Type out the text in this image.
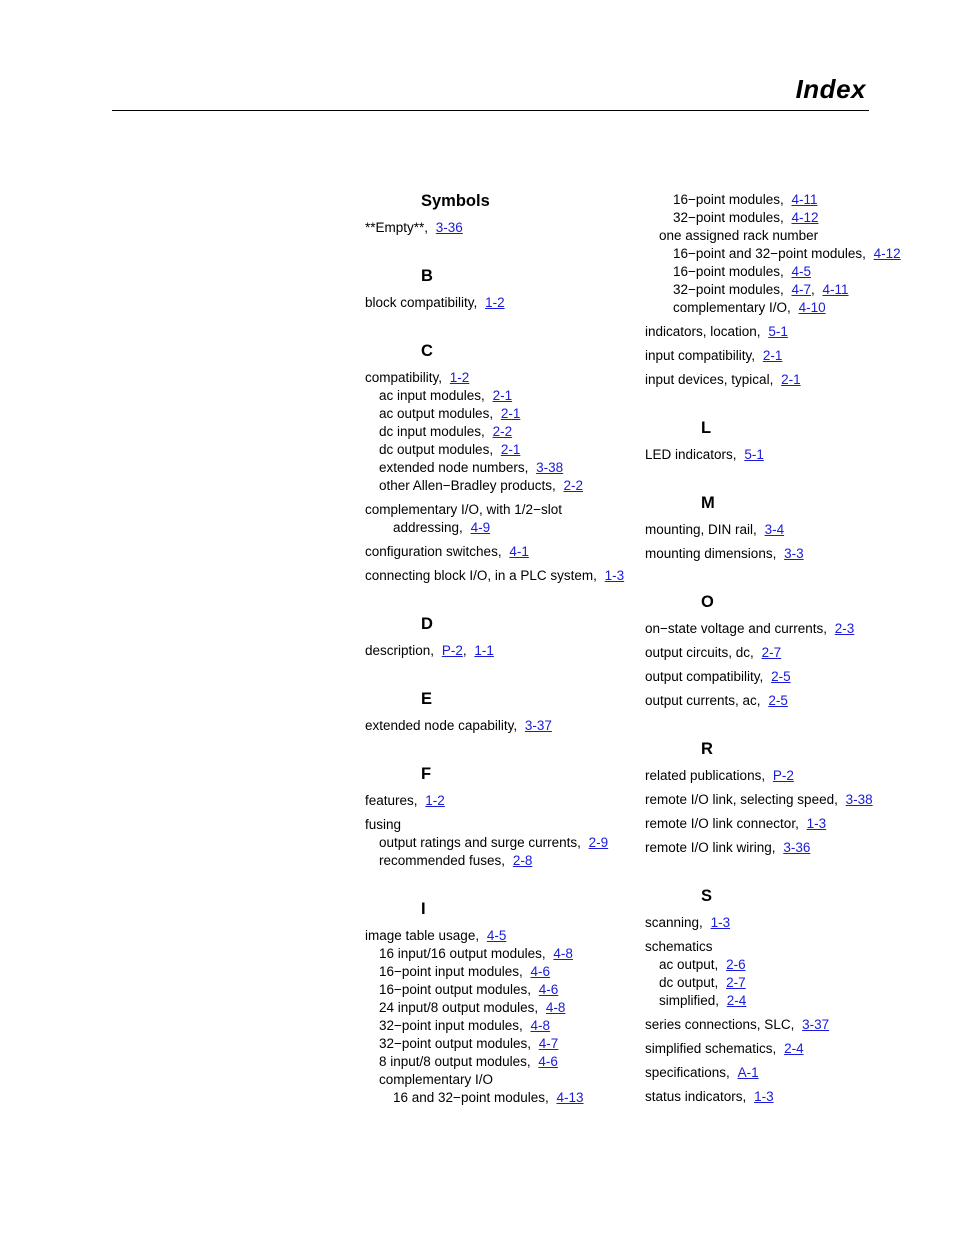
Index
Symbols
**Empty**, 3-36
B
block compatibility, 1-2
C
compatibility, 1-2
ac input modules, 2-1
ac output modules, 2-1
dc input modules, 2-2
dc output modules, 2-1
extended node numbers, 3-38
other Allen−Bradley products, 2-2
complementary I/O, with 1/2−slot
addressing, 4-9
configuration switches, 4-1
connecting block I/O, in a PLC system, 1-3
D
description, P-2, 1-1
E
extended node capability, 3-37
F
features, 1-2
fusing
output ratings and surge currents, 2-9
recommended fuses, 2-8
I
image table usage, 4-5
16 input/16 output modules, 4-8
16−point input modules, 4-6
16−point output modules, 4-6
24 input/8 output modules, 4-8
32−point input modules, 4-8
32−point output modules, 4-7
8 input/8 output modules, 4-6
complementary I/O
16 and 32−point modules, 4-13
16−point modules, 4-11
32−point modules, 4-12
one assigned rack number
16−point and 32−point modules, 4-12
16−point modules, 4-5
32−point modules, 4-7, 4-11
complementary I/O, 4-10
indicators, location, 5-1
input compatibility, 2-1
input devices, typical, 2-1
L
LED indicators, 5-1
M
mounting, DIN rail, 3-4
mounting dimensions, 3-3
O
on−state voltage and currents, 2-3
output circuits, dc, 2-7
output compatibility, 2-5
output currents, ac, 2-5
R
related publications, P-2
remote I/O link, selecting speed, 3-38
remote I/O link connector, 1-3
remote I/O link wiring, 3-36
S
scanning, 1-3
schematics
ac output, 2-6
dc output, 2-7
simplified, 2-4
series connections, SLC, 3-37
simplified schematics, 2-4
specifications, A-1
status indicators, 1-3
